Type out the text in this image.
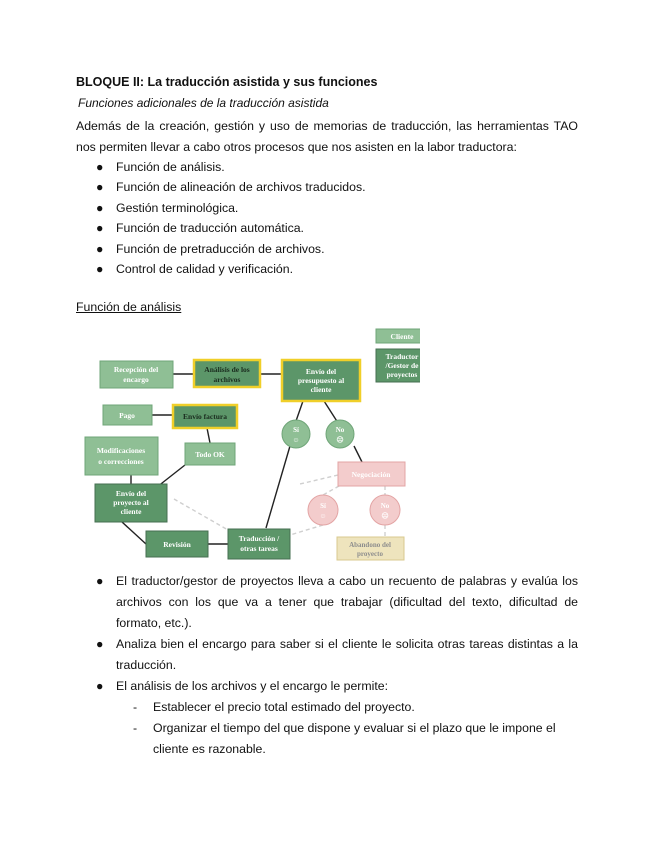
BLOQUE II: La traducción asistida y sus funciones
Funciones adicionales de la traducción asistida
Además de la creación, gestión y uso de memorias de traducción, las herramientas TAO nos permiten llevar a cabo otros procesos que nos asisten en la labor traductora:
● Función de análisis.
● Función de alineación de archivos traducidos.
● Gestión terminológica.
● Función de traducción automática.
● Función de pretraducción de archivos.
● Control de calidad y verificación.
Función de análisis
Cliente
Traductor
/Gestor de
proyectos
Recepción del
encargo
Análisis de los
archivos
Envío del
presupuesto al
cliente
Pago	Envío factura
Modificaciones
o correcciones
Todo OK
Sí
☺
No
☹
Negociación
Sí
☺
No
☹
Envío del
proyecto al
cliente
Revisión
Traducción /
otras tareas	Abandono del
proyecto
● El traductor/gestor de proyectos lleva a cabo un recuento de palabras y evalúa los archivos con los que va a tener que trabajar (dificultad del texto, dificultad de formato, etc.).
● Analiza bien el encargo para saber si el cliente le solicita otras tareas distintas a la traducción.
● El análisis de los archivos y el encargo le permite:
- Establecer el precio total estimado del proyecto.
- Organizar el tiempo del que dispone y evaluar si el plazo que le impone el cliente es razonable.
